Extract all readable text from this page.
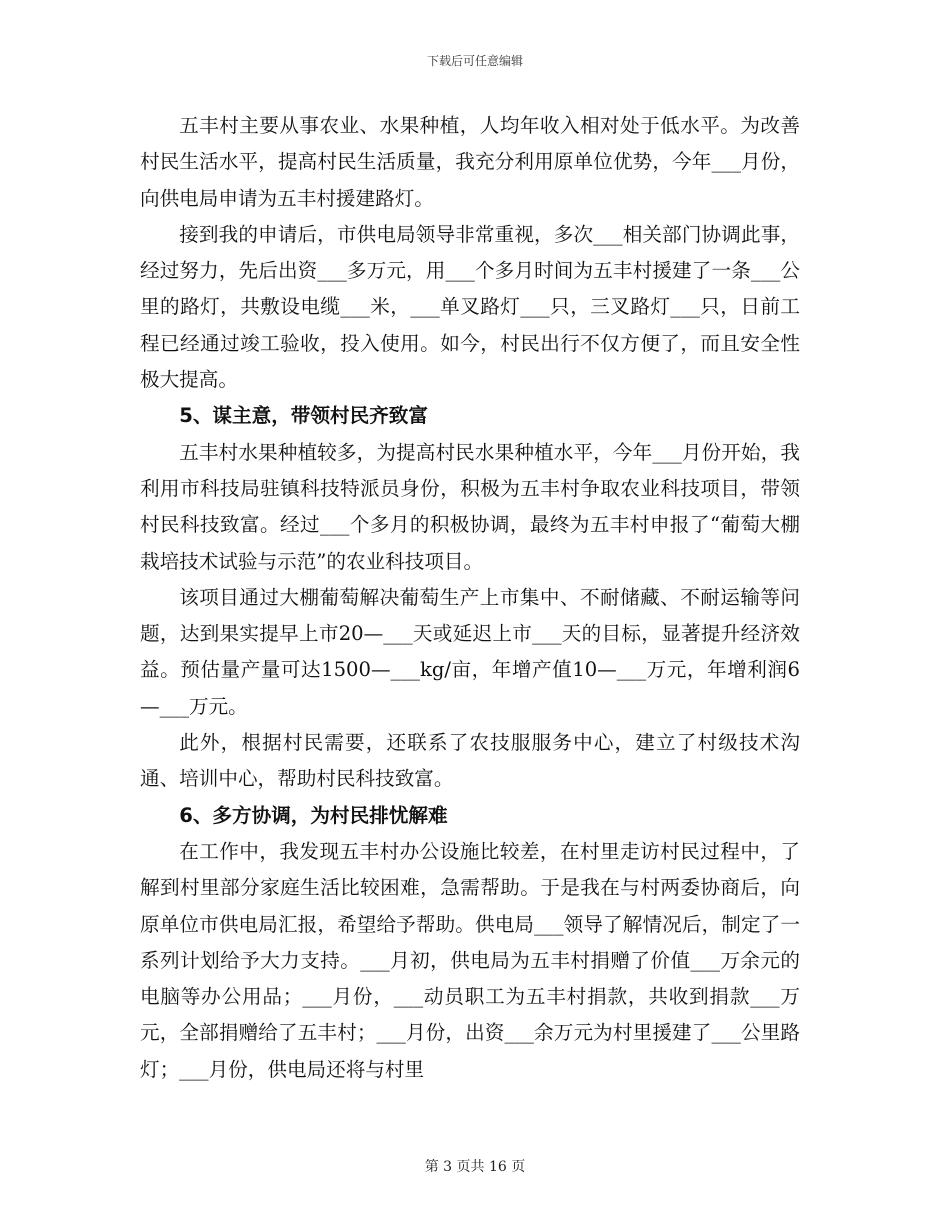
下载后可任意编辑

五丰村主要从事农业、水果种植，人均年收入相对处于低水平。为改善村民生活水平，提高村民生活质量，我充分利用原单位优势，今年___月份，向供电局申请为五丰村援建路灯。

接到我的申请后，市供电局领导非常重视，多次___相关部门协调此事，经过努力，先后出资___多万元，用___个多月时间为五丰村援建了一条___公里的路灯，共敷设电缆___米，___单叉路灯___只，三叉路灯___只，日前工程已经通过竣工验收，投入使用。如今，村民出行不仅方便了，而且安全性极大提高。

5、谋主意，带领村民齐致富

五丰村水果种植较多，为提高村民水果种植水平，今年___月份开始，我利用市科技局驻镇科技特派员身份，积极为五丰村争取农业科技项目，带领村民科技致富。经过___个多月的积极协调，最终为五丰村申报了“葡萄大棚栽培技术试验与示范”的农业科技项目。

该项目通过大棚葡萄解决葡萄生产上市集中、不耐储藏、不耐运输等问题，达到果实提早上市20—___天或延迟上市___天的目标，显著提升经济效益。预估量产量可达1500—___kg/亩，年增产值10—___万元，年增利润6—___万元。

此外，根据村民需要，还联系了农技服服务中心，建立了村级技术沟通、培训中心，帮助村民科技致富。

6、多方协调，为村民排忧解难

在工作中，我发现五丰村办公设施比较差，在村里走访村民过程中，了解到村里部分家庭生活比较困难，急需帮助。于是我在与村两委协商后，向原单位市供电局汇报，希望给予帮助。供电局___领导了解情况后，制定了一系列计划给予大力支持。___月初，供电局为五丰村捐赠了价值___万余元的电脑等办公用品；___月份，___动员职工为五丰村捐款，共收到捐款___万元，全部捐赠给了五丰村；___月份，出资___余万元为村里援建了___公里路灯；___月份，供电局还将与村里

第 3 页共 16 页
